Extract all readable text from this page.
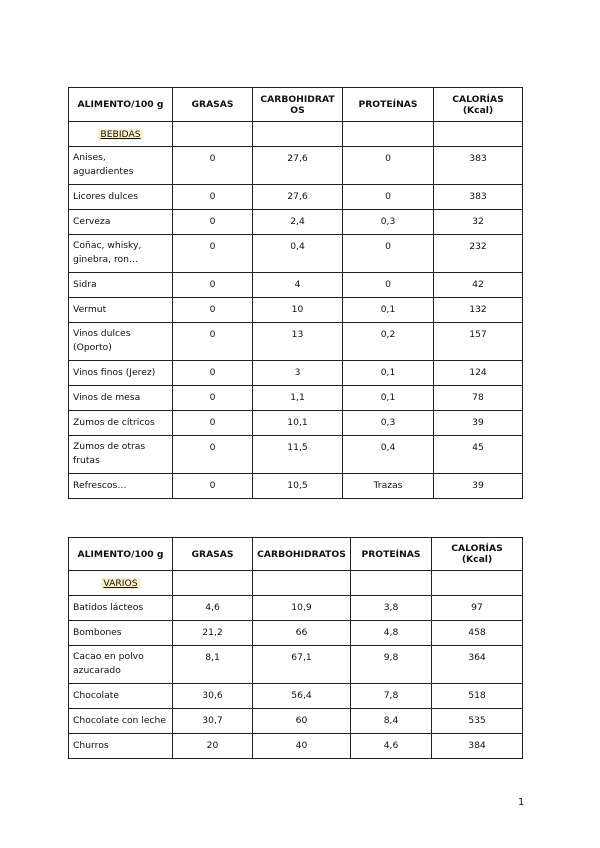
ALIMENTO/100 g	GRASAS	CARBOHIDRATOS	PROTEÍNAS	CALORÍAS (Kcal)
BEBIDAS				
Anises, aguardientes	0	27,6	0	383
Licores dulces	0	27,6	0	383
Cerveza	0	2,4	0,3	32
Coñac, whisky, ginebra, ron…	0	0,4	0	232
Sidra	0	4	0	42
Vermut	0	10	0,1	132
Vinos dulces (Oporto)	0	13	0,2	157
Vinos finos (Jerez)	0	3	0,1	124
Vinos de mesa	0	1,1	0,1	78
Zumos de cítricos	0	10,1	0,3	39
Zumos de otras frutas	0	11,5	0,4	45
Refrescos…	0	10,5	Trazas	39
ALIMENTO/100 g	GRASAS	CARBOHIDRATOS	PROTEÍNAS	CALORÍAS (Kcal)
VARIOS				
Batidos lácteos	4,6	10,9	3,8	97
Bombones	21,2	66	4,8	458
Cacao en polvo azucarado	8,1	67,1	9,8	364
Chocolate	30,6	56,4	7,8	518
Chocolate con leche	30,7	60	8,4	535
Churros	20	40	4,6	384
1
